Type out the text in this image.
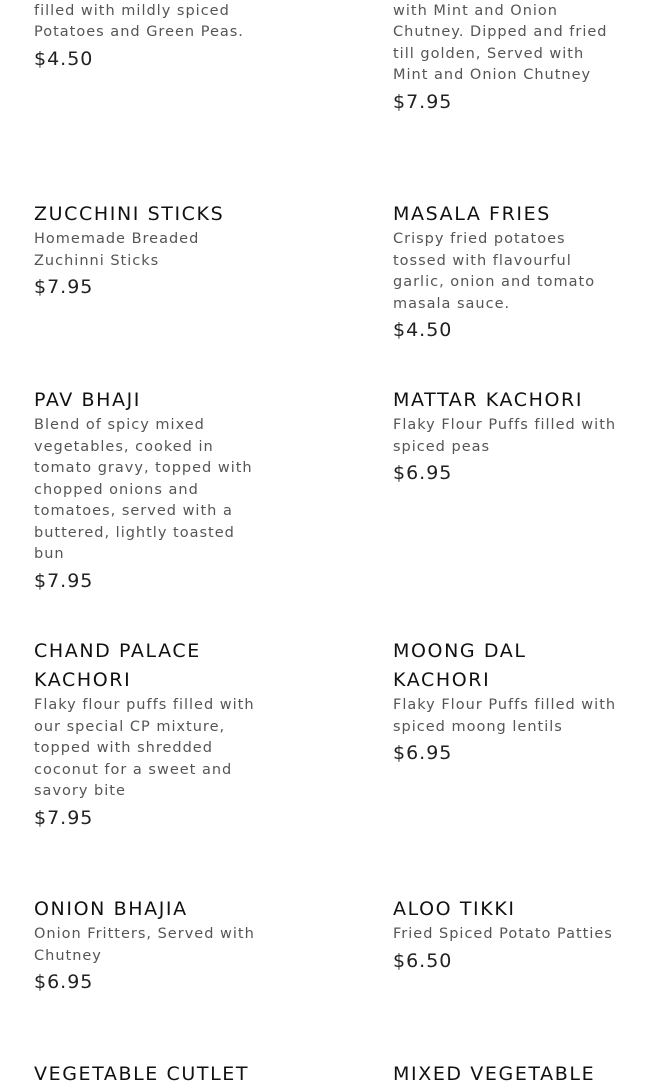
filled with mildly spiced Potatoes and Green Peas.

$4.50

with Mint and Onion Chutney. Dipped and fried till golden, Served with Mint and Onion Chutney

$7.95
ZUCCHINI STICKS

Homemade Breaded Zuchinni Sticks

$7.95
MASALA FRIES

Crispy fried potatoes tossed with flavourful garlic, onion and tomato masala sauce.

$4.50
PAV BHAJI

Blend of spicy mixed vegetables, cooked in tomato gravy, topped with chopped onions and tomatoes, served with a buttered, lightly toasted bun

$7.95
MATTAR KACHORI

Flaky Flour Puffs filled with spiced peas

$6.95
CHAND PALACE KACHORI

Flaky flour puffs filled with our special CP mixture, topped with shredded coconut for a sweet and savory bite

$7.95
MOONG DAL KACHORI

Flaky Flour Puffs filled with spiced moong lentils

$6.95
ONION BHAJIA

Onion Fritters, Served with Chutney

$6.95
ALOO TIKKI

Fried Spiced Potato Patties

$6.50
VEGETABLE CUTLET	MIXED VEGETABLE
